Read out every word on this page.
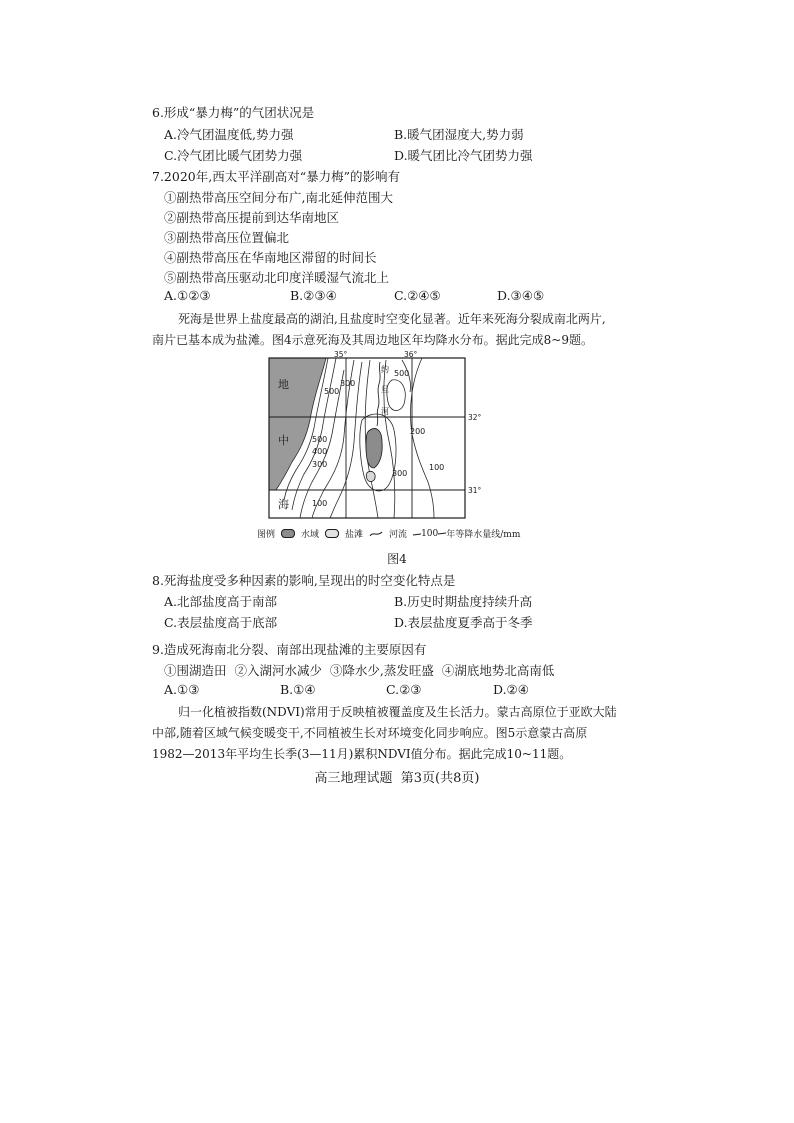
6.形成“暴力梅”的气团状况是
A.冷气团温度低,势力强	B.暖气团湿度大,势力弱
C.冷气团比暖气团势力强	D.暖气团比冷气团势力强
7.2020年,西太平洋副高对“暴力梅”的影响有
①副热带高压空间分布广,南北延伸范围大
②副热带高压提前到达华南地区
③副热带高压位置偏北
④副热带高压在华南地区滞留的时间长
⑤副热带高压驱动北印度洋暖湿气流北上
A.①②③	B.②③④	C.②④⑤	D.③④⑤
死海是世界上盐度最高的湖泊,且盐度时空变化显著。近年来死海分裂成南北两片,
南片已基本成为盐滩。图4示意死海及其周边地区年均降水分布。据此完成8~9题。
35°	36°
32°
31°
地
中
海
约
旦
河
500
300
500
500
400
300
100
200
300
100
图例	水域	盐滩	河流 100 年等降水量线/mm
图4
8.死海盐度受多种因素的影响,呈现出的时空变化特点是
A.北部盐度高于南部	B.历史时期盐度持续升高
C.表层盐度高于底部	D.表层盐度夏季高于冬季
9.造成死海南北分裂、南部出现盐滩的主要原因有
①围湖造田  ②入湖河水减少  ③降水少,蒸发旺盛  ④湖底地势北高南低
A.①③	B.①④	C.②③	D.②④
归一化植被指数(NDVI)常用于反映植被覆盖度及生长活力。蒙古高原位于亚欧大陆
中部,随着区域气候变暖变干,不同植被生长对环境变化同步响应。图5示意蒙古高原
1982—2013年平均生长季(3—11月)累积NDVI值分布。据此完成10~11题。
高三地理试题  第3页(共8页)
